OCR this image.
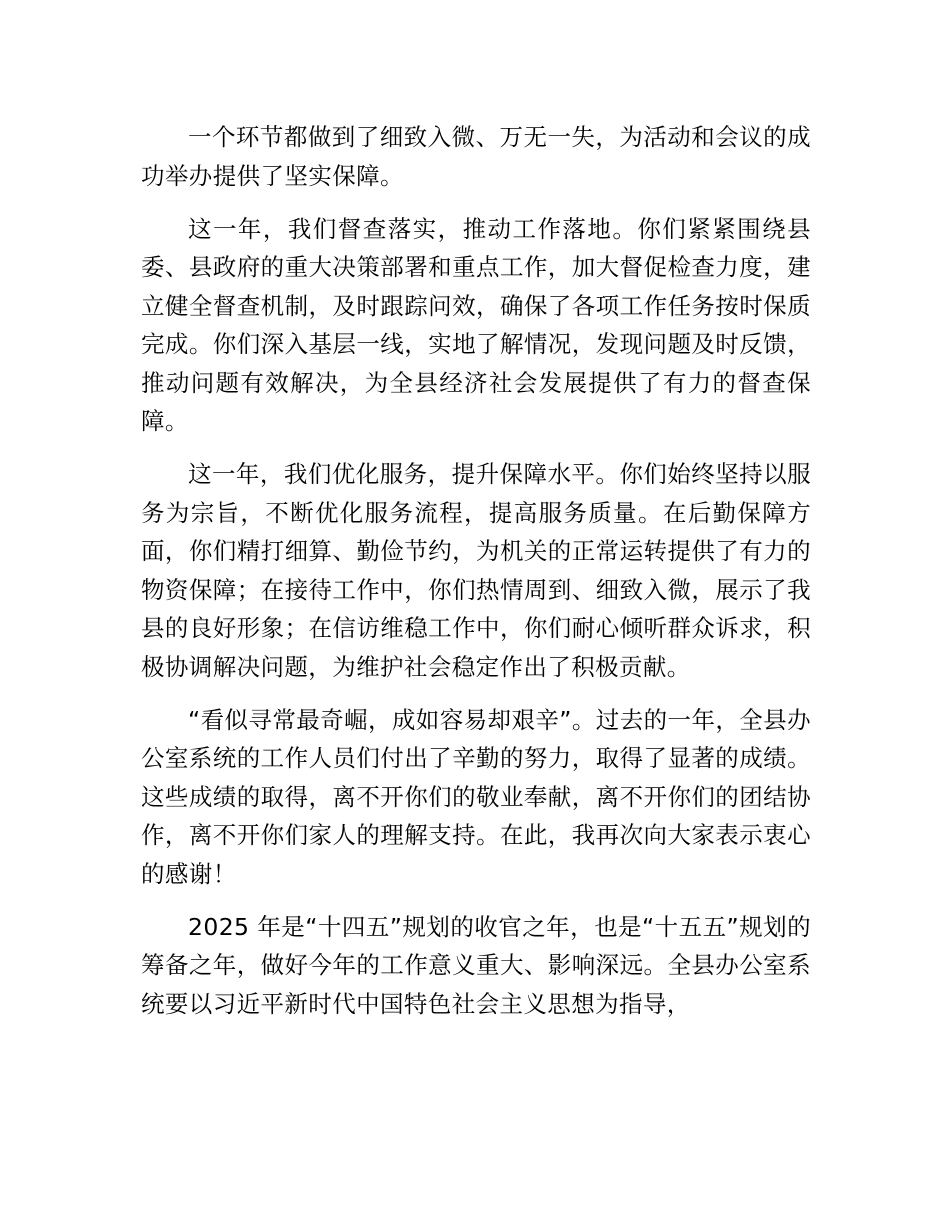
一个环节都做到了细致入微、万无一失，为活动和会议的成功举办提供了坚实保障。

这一年，我们督查落实，推动工作落地。你们紧紧围绕县委、县政府的重大决策部署和重点工作，加大督促检查力度，建立健全督查机制，及时跟踪问效，确保了各项工作任务按时保质完成。你们深入基层一线，实地了解情况，发现问题及时反馈，推动问题有效解决，为全县经济社会发展提供了有力的督查保障。

这一年，我们优化服务，提升保障水平。你们始终坚持以服务为宗旨，不断优化服务流程，提高服务质量。在后勤保障方面，你们精打细算、勤俭节约，为机关的正常运转提供了有力的物资保障；在接待工作中，你们热情周到、细致入微，展示了我县的良好形象；在信访维稳工作中，你们耐心倾听群众诉求，积极协调解决问题，为维护社会稳定作出了积极贡献。

“看似寻常最奇崛，成如容易却艰辛”。过去的一年，全县办公室系统的工作人员们付出了辛勤的努力，取得了显著的成绩。这些成绩的取得，离不开你们的敬业奉献，离不开你们的团结协作，离不开你们家人的理解支持。在此，我再次向大家表示衷心的感谢！

2025 年是“十四五”规划的收官之年，也是“十五五”规划的筹备之年，做好今年的工作意义重大、影响深远。全县办公室系统要以习近平新时代中国特色社会主义思想为指导，
